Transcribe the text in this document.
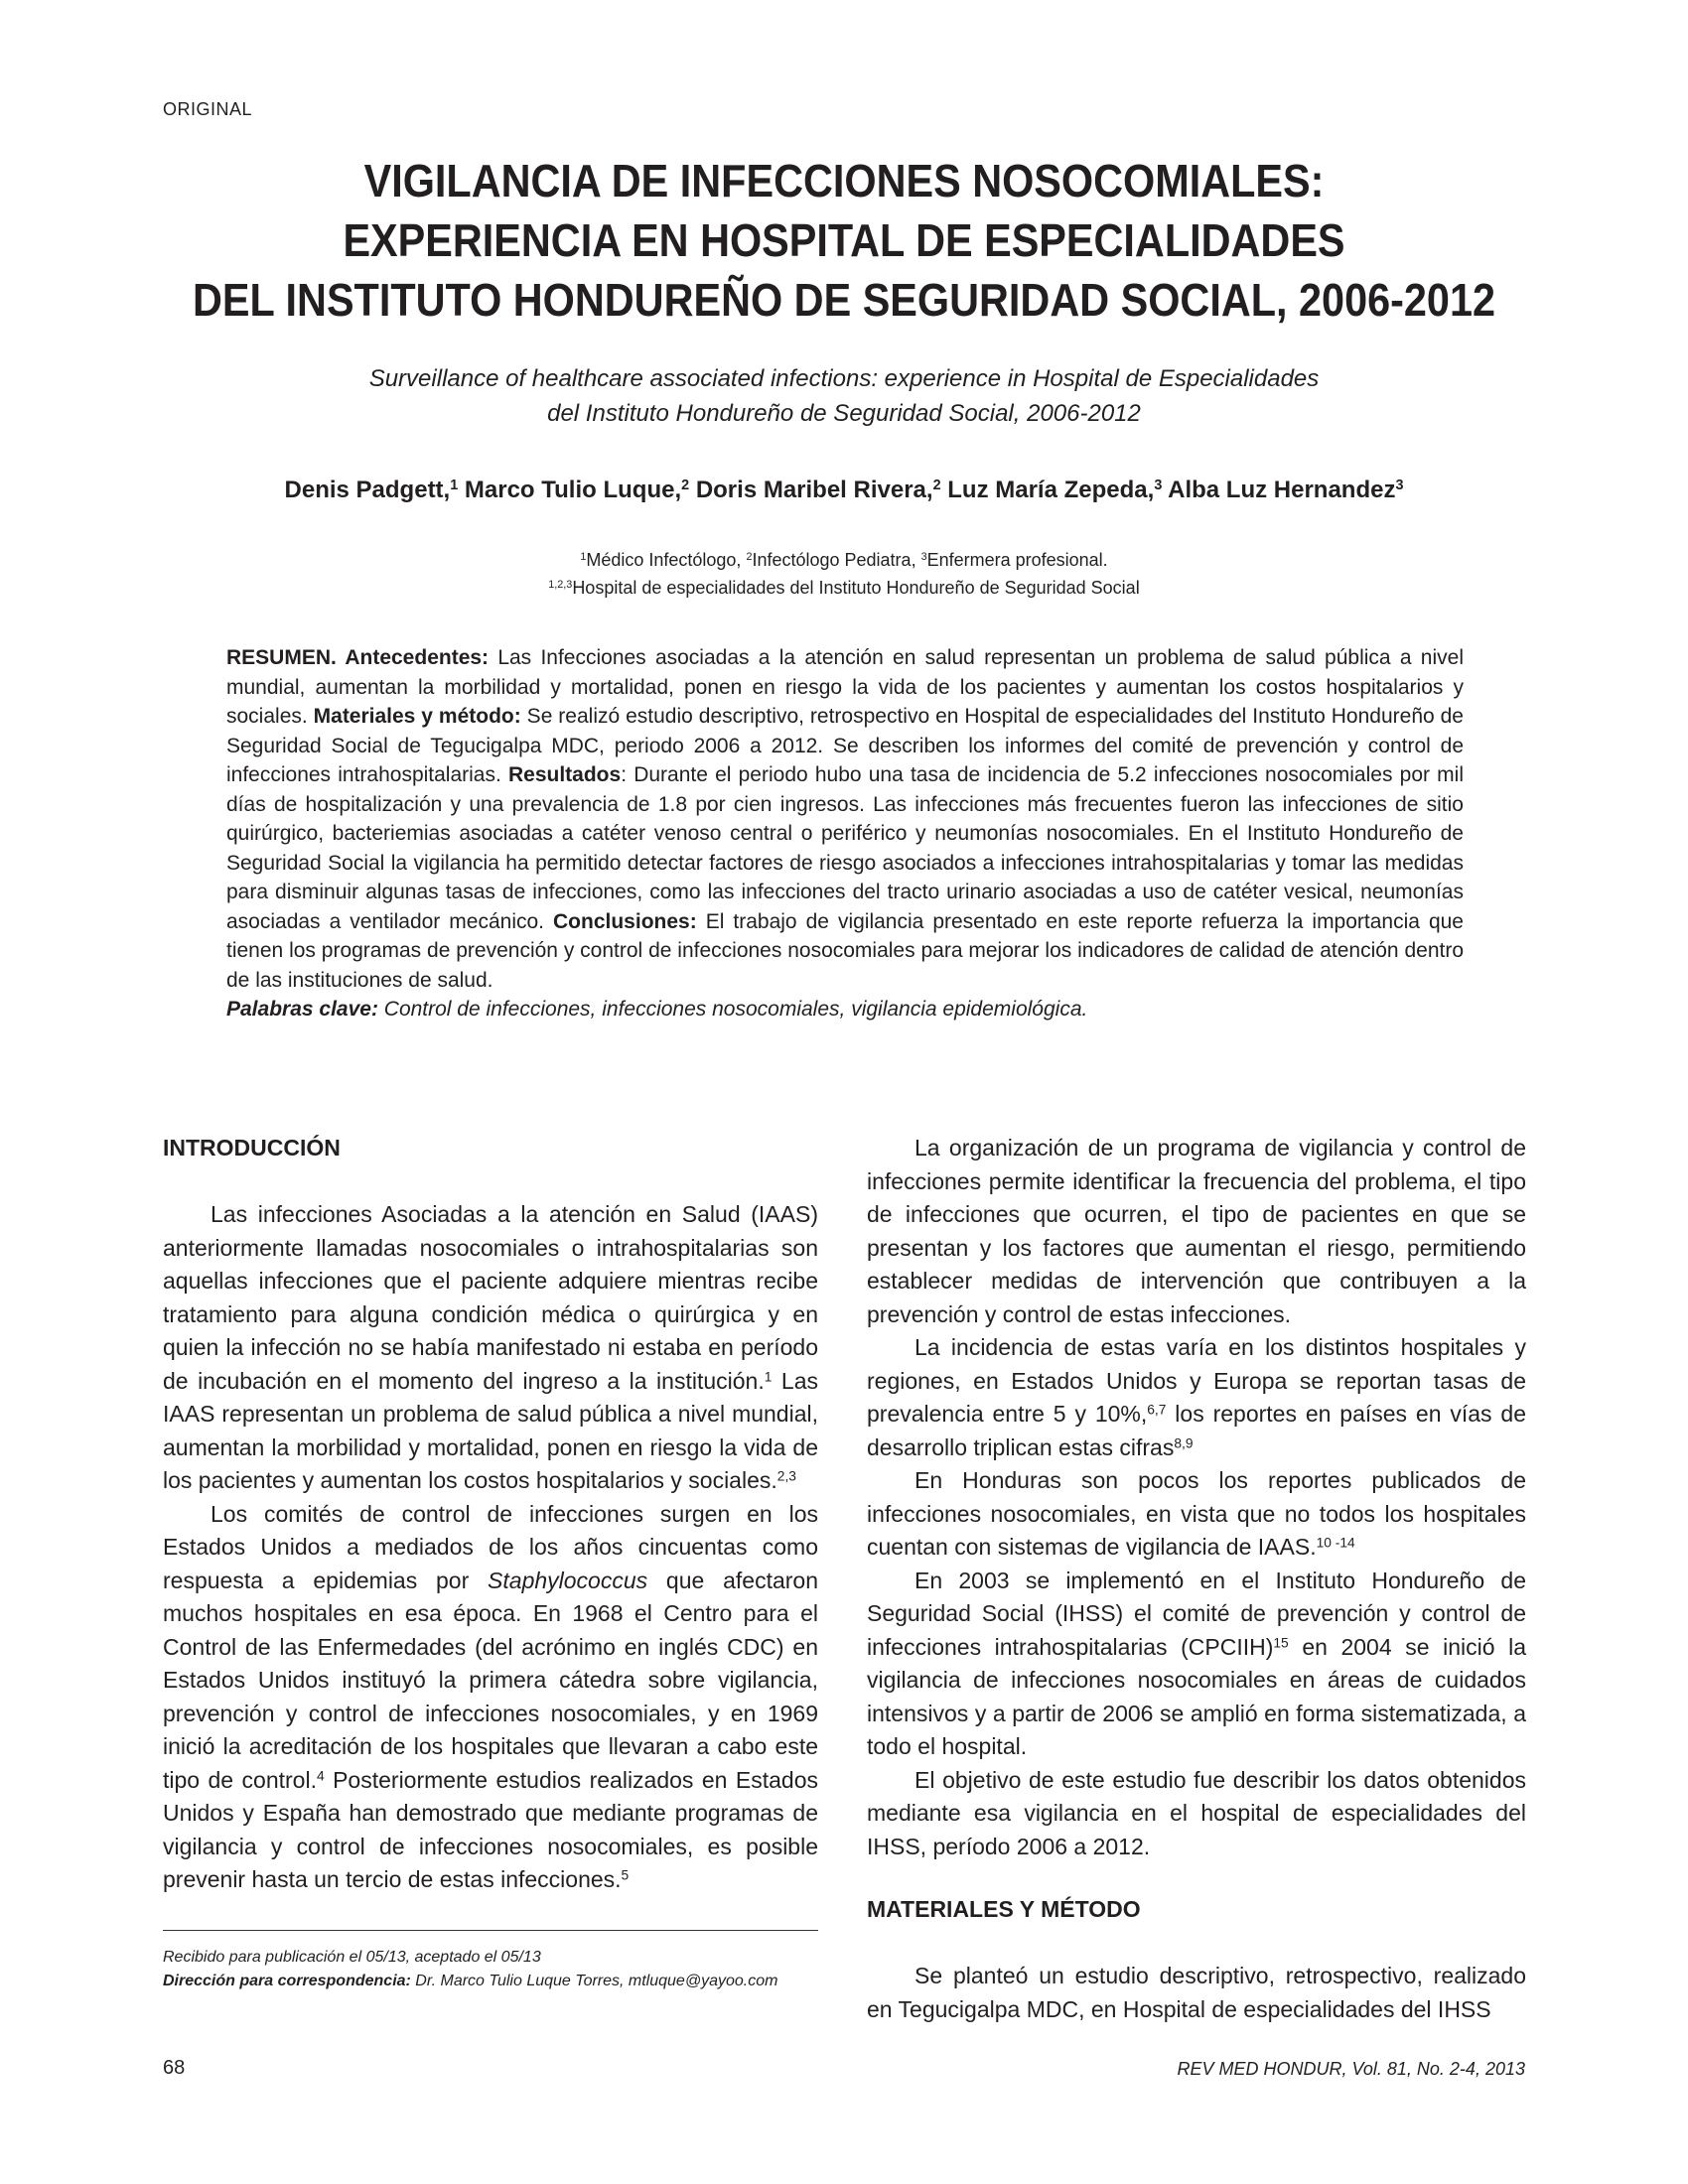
ORIGINAL
VIGILANCIA DE INFECCIONES NOSOCOMIALES:
EXPERIENCIA EN HOSPITAL DE ESPECIALIDADES
DEL INSTITUTO HONDUREÑO DE SEGURIDAD SOCIAL, 2006-2012
Surveillance of healthcare associated infections: experience in Hospital de Especialidades
del Instituto Hondureño de Seguridad Social, 2006-2012
Denis Padgett,$^1$ Marco Tulio Luque,$^2$ Doris Maribel Rivera,$^2$ Luz María Zepeda,$^3$ Alba Luz Hernandez$^3$
$^1$Médico Infectólogo, $^2$Infectólogo Pediatra, $^3$Enfermera profesional.
$^{1,2,3}$Hospital de especialidades del Instituto Hondureño de Seguridad Social

RESUMEN. Antecedentes: Las Infecciones asociadas a la atención en salud representan un problema de salud pública a nivel mundial, aumentan la morbilidad y mortalidad, ponen en riesgo la vida de los pacientes y aumentan los costos hospitalarios y sociales. Materiales y método: Se realizó estudio descriptivo, retrospectivo en Hospital de especialidades del Instituto Hondureño de Seguridad Social de Tegucigalpa MDC, periodo 2006 a 2012. Se describen los informes del comité de prevención y control de infecciones intrahospitalarias. Resultados: Durante el periodo hubo una tasa de incidencia de 5.2 infecciones nosocomiales por mil días de hospitalización y una prevalencia de 1.8 por cien ingresos. Las infecciones más frecuentes fueron las infecciones de sitio quirúrgico, bacteriemias asociadas a catéter venoso central o periférico y neumonías nosocomiales. En el Instituto Hondureño de Seguridad Social la vigilancia ha permitido detectar factores de riesgo asociados a infecciones intrahospitalarias y tomar las medidas para disminuir algunas tasas de infecciones, como las infecciones del tracto urinario asociadas a uso de catéter vesical, neumonías asociadas a ventilador mecánico. Conclusiones: El trabajo de vigilancia presentado en este reporte refuerza la importancia que tienen los programas de prevención y control de infecciones nosocomiales para mejorar los indicadores de calidad de atención dentro de las instituciones de salud.

Palabras clave: Control de infecciones, infecciones nosocomiales, vigilancia epidemiológica.

INTRODUCCIÓN

Las infecciones Asociadas a la atención en Salud (IAAS) anteriormente llamadas nosocomiales o intrahospitalarias son aquellas infecciones que el paciente adquiere mientras recibe tratamiento para alguna condición médica o quirúrgica y en quien la infección no se había manifestado ni estaba en período de incubación en el momento del ingreso a la institución.$^1$ Las IAAS representan un problema de salud pública a nivel mundial, aumentan la morbilidad y mortalidad, ponen en riesgo la vida de los pacientes y aumentan los costos hospitalarios y sociales.$^{2,3}$

Los comités de control de infecciones surgen en los Estados Unidos a mediados de los años cincuentas como respuesta a epidemias por Staphylococcus que afectaron muchos hospitales en esa época. En 1968 el Centro para el Control de las Enfermedades (del acrónimo en inglés CDC) en Estados Unidos instituyó la primera cátedra sobre vigilancia, prevención y control de infecciones nosocomiales, y en 1969 inició la acreditación de los hospitales que llevaran a cabo este tipo de control.$^4$ Posteriormente estudios realizados en Estados Unidos y España han demostrado que mediante programas de vigilancia y control de infecciones nosocomiales, es posible prevenir hasta un tercio de estas infecciones.$^5$

La organización de un programa de vigilancia y control de infecciones permite identificar la frecuencia del problema, el tipo de infecciones que ocurren, el tipo de pacientes en que se presentan y los factores que aumentan el riesgo, permitiendo establecer medidas de intervención que contribuyen a la prevención y control de estas infecciones.

La incidencia de estas varía en los distintos hospitales y regiones, en Estados Unidos y Europa se reportan tasas de prevalencia entre 5 y 10%,$^{6,7}$ los reportes en países en vías de desarrollo triplican estas cifras$^{8,9}$

En Honduras son pocos los reportes publicados de infecciones nosocomiales, en vista que no todos los hospitales cuentan con sistemas de vigilancia de IAAS.$^{10 -14}$

En 2003 se implementó en el Instituto Hondureño de Seguridad Social (IHSS) el comité de prevención y control de infecciones intrahospitalarias (CPCIIH)$^{15}$ en 2004 se inició la vigilancia de infecciones nosocomiales en áreas de cuidados intensivos y a partir de 2006 se amplió en forma sistematizada, a todo el hospital.

El objetivo de este estudio fue describir los datos obtenidos mediante esa vigilancia en el hospital de especialidades del IHSS, período 2006 a 2012.

MATERIALES Y MÉTODO

Se planteó un estudio descriptivo, retrospectivo, realizado en Tegucigalpa MDC, en Hospital de especialidades del IHSS

Recibido para publicación el 05/13, aceptado el 05/13
Dirección para correspondencia: Dr. Marco Tulio Luque Torres, mtluque@yayoo.com
68	REV MED HONDUR, Vol. 81, No. 2-4, 2013
